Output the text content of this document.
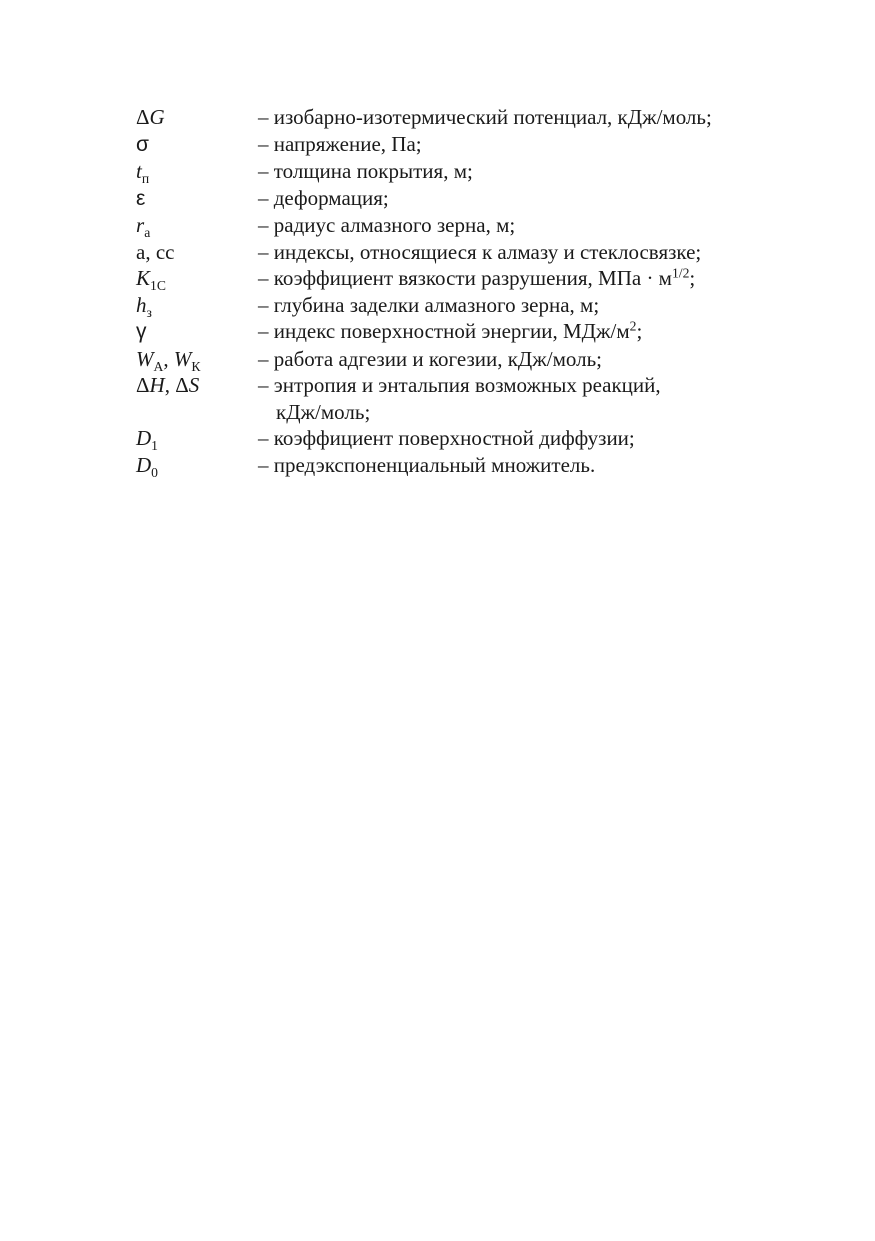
ΔG	– изобарно-изотермический потенциал, кДж/моль;
σ	– напряжение, Па;
$t_п$	– толщина покрытия, м;
ε	– деформация;
$r_а$	– радиус алмазного зерна, м;
а, сс	– индексы, относящиеся к алмазу и стеклосвязке;
$K_{1С}$	– коэффициент вязкости разрушения, МПа · $м^{1/2}$;
$h_з$	– глубина заделки алмазного зерна, м;
γ	– индекс поверхностной энергии, МДж/$м^2$;
$W_А$, $W_К$	– работа адгезии и когезии, кДж/моль;
ΔH, ΔS	– энтропия и энтальпия возможных реакций,
кДж/моль;
$D_1$	– коэффициент поверхностной диффузии;
$D_0$	– предэкспоненциальный множитель.
